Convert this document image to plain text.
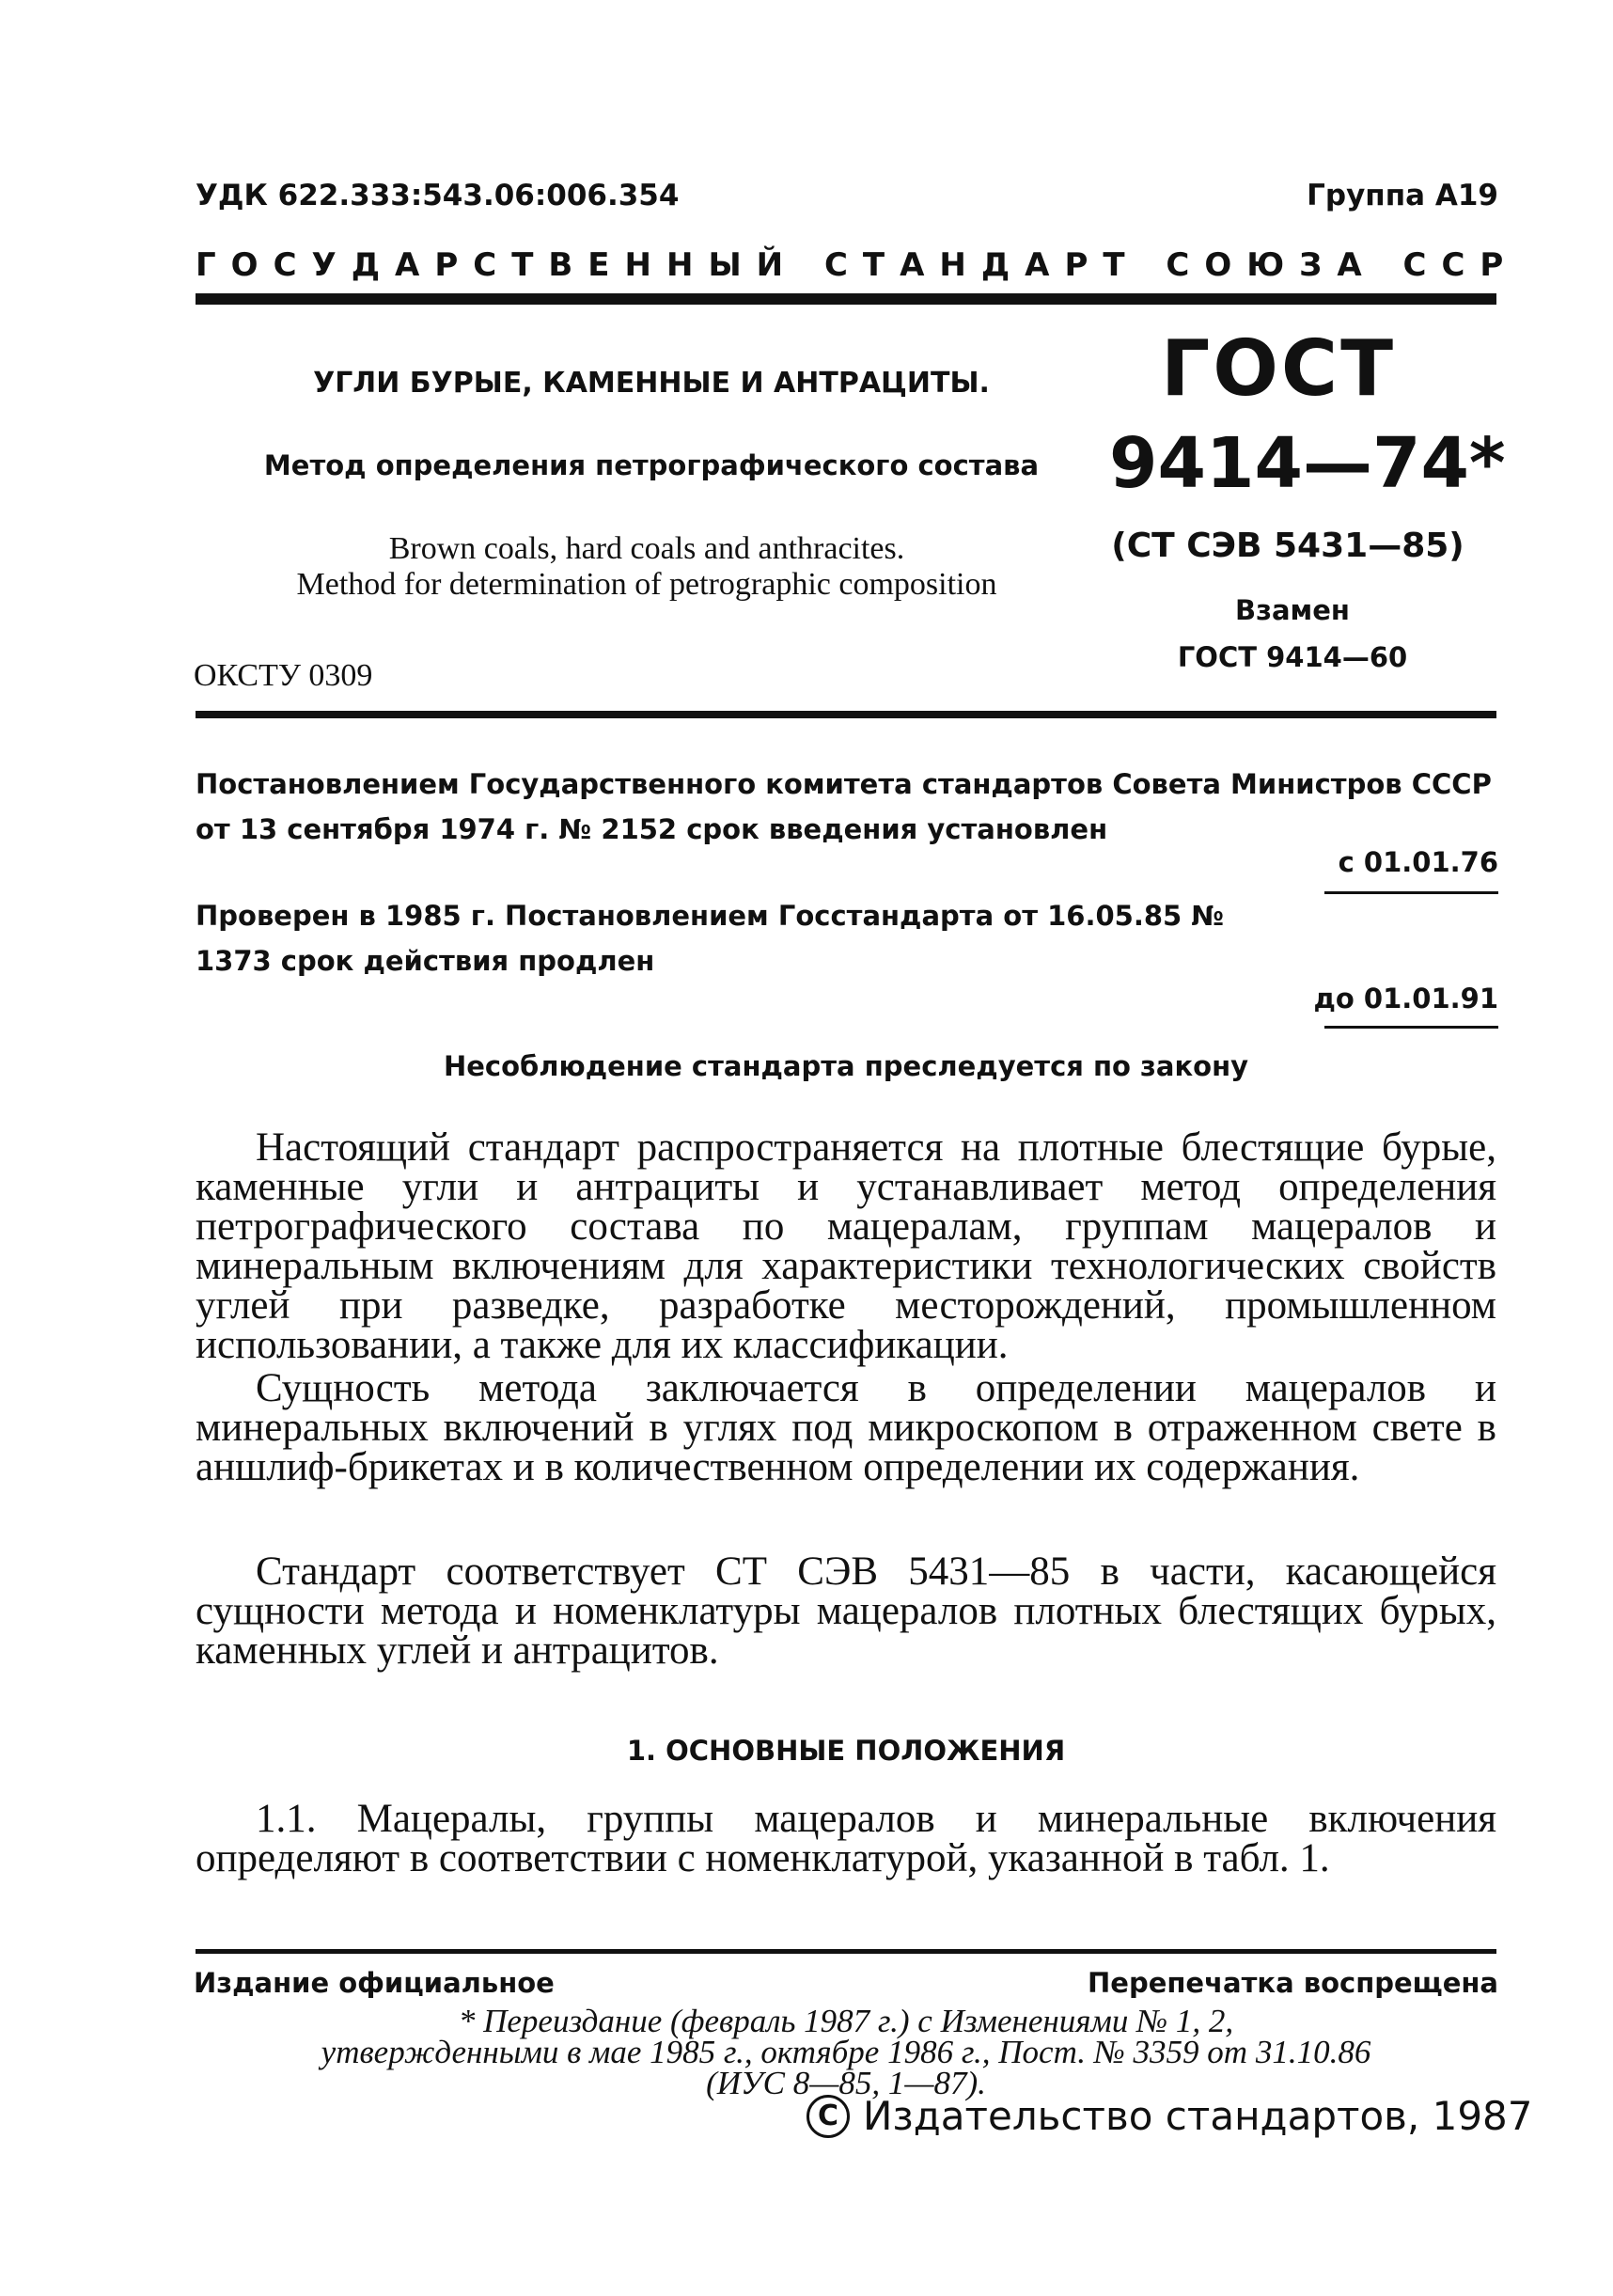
УДК 622.333:543.06:006.354	Группа А19
ГОСУДАРСТВЕННЫЙ СТАНДАРТ СОЮЗА ССР
УГЛИ БУРЫЕ, КАМЕННЫЕ И АНТРАЦИТЫ.
Метод определения петрографического состава
Brown coals, hard coals and anthracites.
Method for determination of petrographic composition
ОКСТУ 0309
ГОСТ
9414—74*
(СТ СЭВ 5431—85)
Взамен
ГОСТ 9414—60
Постановлением Государственного комитета стандартов Совета Министров СССР от 13 сентября 1974 г. № 2152 срок введения установлен
с 01.01.76
Проверен в 1985 г. Постановлением Госстандарта от 16.05.85 № 1373 срок действия продлен
до 01.01.91
Несоблюдение стандарта преследуется по закону
Настоящий стандарт распространяется на плотные блестящие бурые, каменные угли и антрациты и устанавливает метод определения петрографического состава по мацералам, группам мацералов и минеральным включениям для характеристики технологических свойств углей при разведке, разработке месторождений, промышленном использовании, а также для их классификации.
Сущность метода заключается в определении мацералов и минеральных включений в углях под микроскопом в отраженном свете в аншлиф-брикетах и в количественном определении их содержания.
Стандарт соответствует СТ СЭВ 5431—85 в части, касающейся сущности метода и номенклатуры мацералов плотных блестящих бурых, каменных углей и антрацитов.
1. ОСНОВНЫЕ ПОЛОЖЕНИЯ
1.1. Мацералы, группы мацералов и минеральные включения определяют в соответствии с номенклатурой, указанной в табл. 1.
Издание официальное	Перепечатка воспрещена
* Переиздание (февраль 1987 г.) с Изменениями № 1, 2,
утвержденными в мае 1985 г., октябре 1986 г., Пост. № 3359 от 31.10.86
(ИУС 8—85, 1—87).
C Издательство стандартов, 1987
